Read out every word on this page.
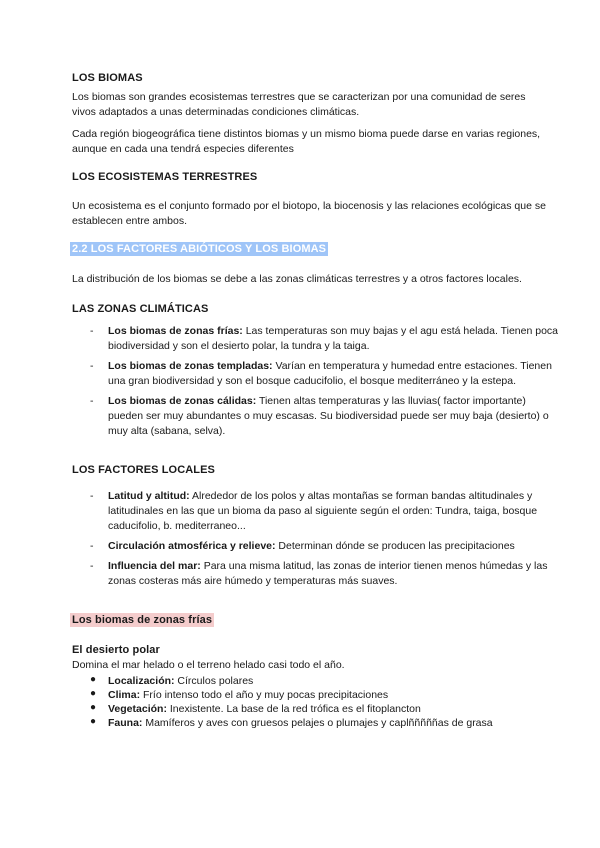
LOS BIOMAS
Los biomas son grandes ecosistemas terrestres que se caracterizan por una comunidad de seres vivos adaptados a unas determinadas condiciones climáticas.
Cada región biogeográfica tiene distintos biomas y un mismo bioma puede darse en varias regiones, aunque en cada una tendrá especies diferentes
LOS ECOSISTEMAS TERRESTRES
Un ecosistema es el conjunto formado por el biotopo, la biocenosis y las relaciones ecológicas que se establecen entre ambos.
2.2 LOS FACTORES ABIÓTICOS Y LOS BIOMAS
La distribución de los biomas se debe a las zonas climáticas terrestres y a otros factores locales.
LAS ZONAS CLIMÁTICAS
- Los biomas de zonas frías: Las temperaturas son muy bajas y el agu está helada. Tienen poca biodiversidad y son el desierto polar, la tundra y la taiga.
- Los biomas de zonas templadas: Varían en temperatura y humedad entre estaciones. Tienen una gran biodiversidad y son el bosque caducifolio, el bosque mediterráneo y la estepa.
- Los biomas de zonas cálidas: Tienen altas temperaturas y las lluvias( factor importante) pueden ser muy abundantes o muy escasas. Su biodiversidad puede ser muy baja (desierto) o muy alta (sabana, selva).
LOS FACTORES LOCALES
- Latitud y altitud: Alrededor de los polos y altas montañas se forman bandas altitudinales y latitudinales en las que un bioma da paso al siguiente según el orden: Tundra, taiga, bosque caducifolio, b. mediterraneo...
- Circulación atmosférica y relieve: Determinan dónde se producen las precipitaciones
- Influencia del mar: Para una misma latitud, las zonas de interior tienen menos húmedas y las zonas costeras más aire húmedo y temperaturas más suaves.
Los biomas de zonas frías
El desierto polar
Domina el mar helado o el terreno helado casi todo el año.
● Localización: Círculos polares
● Clima: Frío intenso todo el año y muy pocas precipitaciones
● Vegetación: Inexistente. La base de la red trófica es el fitoplancton
● Fauna: Mamíferos y aves con gruesos pelajes o plumajes y caplñññññas de grasa
